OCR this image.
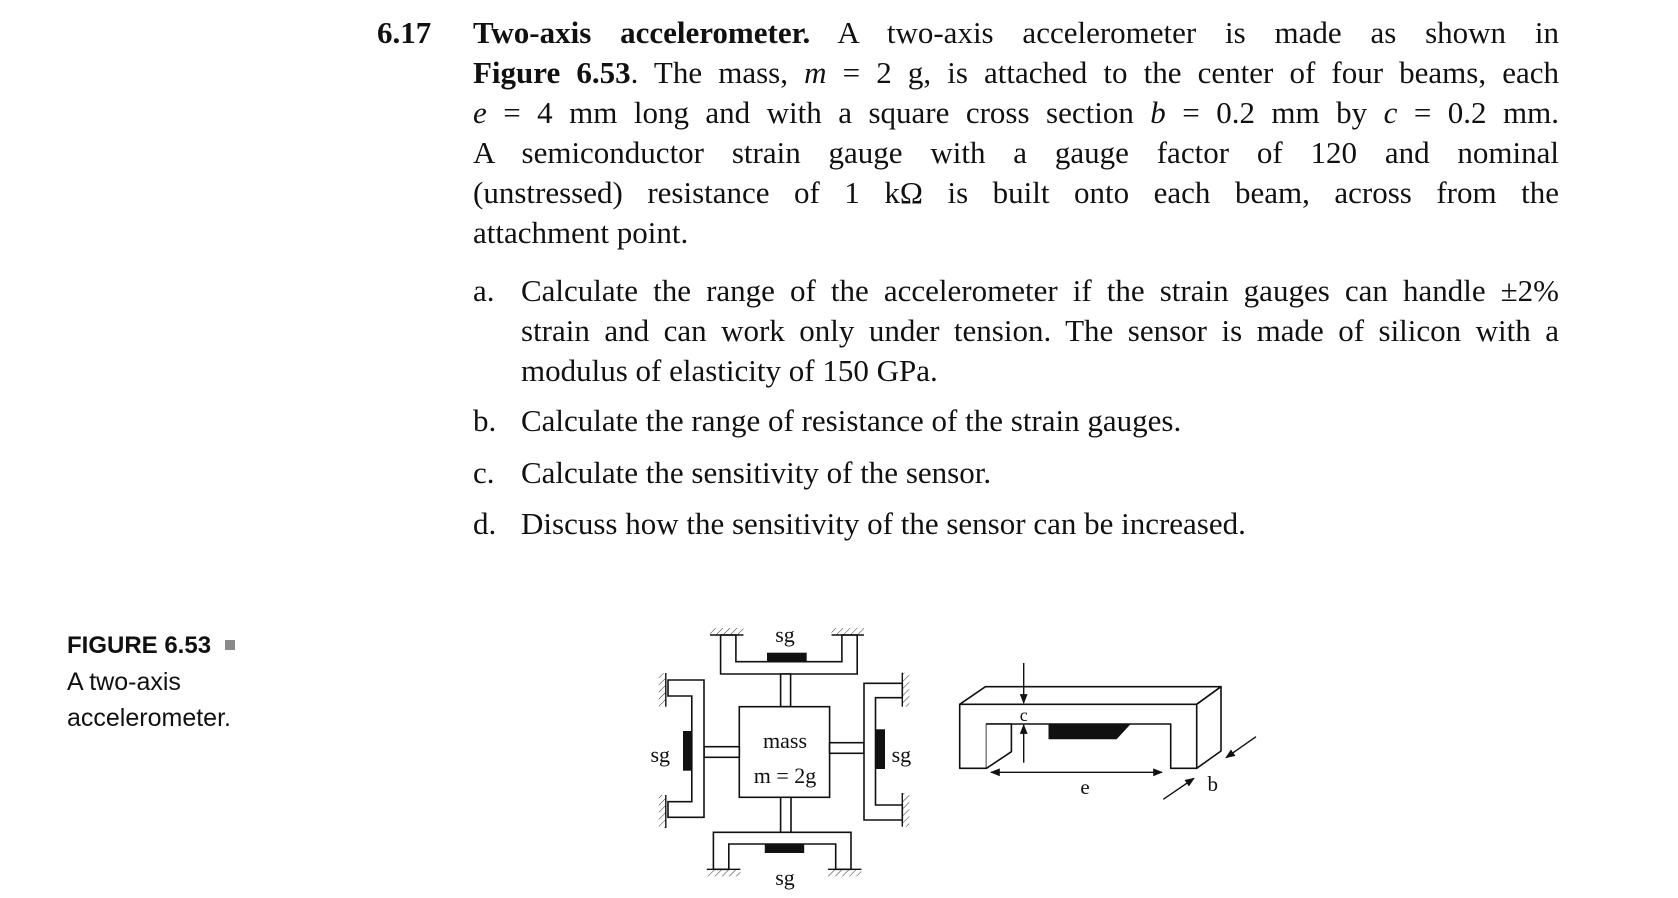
6.17 Two-axis accelerometer. A two-axis accelerometer is made as shown in
Figure 6.53. The mass, m = 2 g, is attached to the center of four beams, each
e = 4 mm long and with a square cross section b = 0.2 mm by c = 0.2 mm.
A semiconductor strain gauge with a gauge factor of 120 and nominal
(unstressed) resistance of 1 kΩ is built onto each beam, across from the
attachment point.
a. Calculate the range of the accelerometer if the strain gauges can handle ±2%
strain and can work only under tension. The sensor is made of silicon with a
modulus of elasticity of 150 GPa.
b. Calculate the range of resistance of the strain gauges.
c. Calculate the sensitivity of the sensor.
d. Discuss how the sensitivity of the sensor can be increased.
FIGURE 6.53
A two-axis
accelerometer.
sg
sg
sg	sg
mass
m = 2g
c
e	b
